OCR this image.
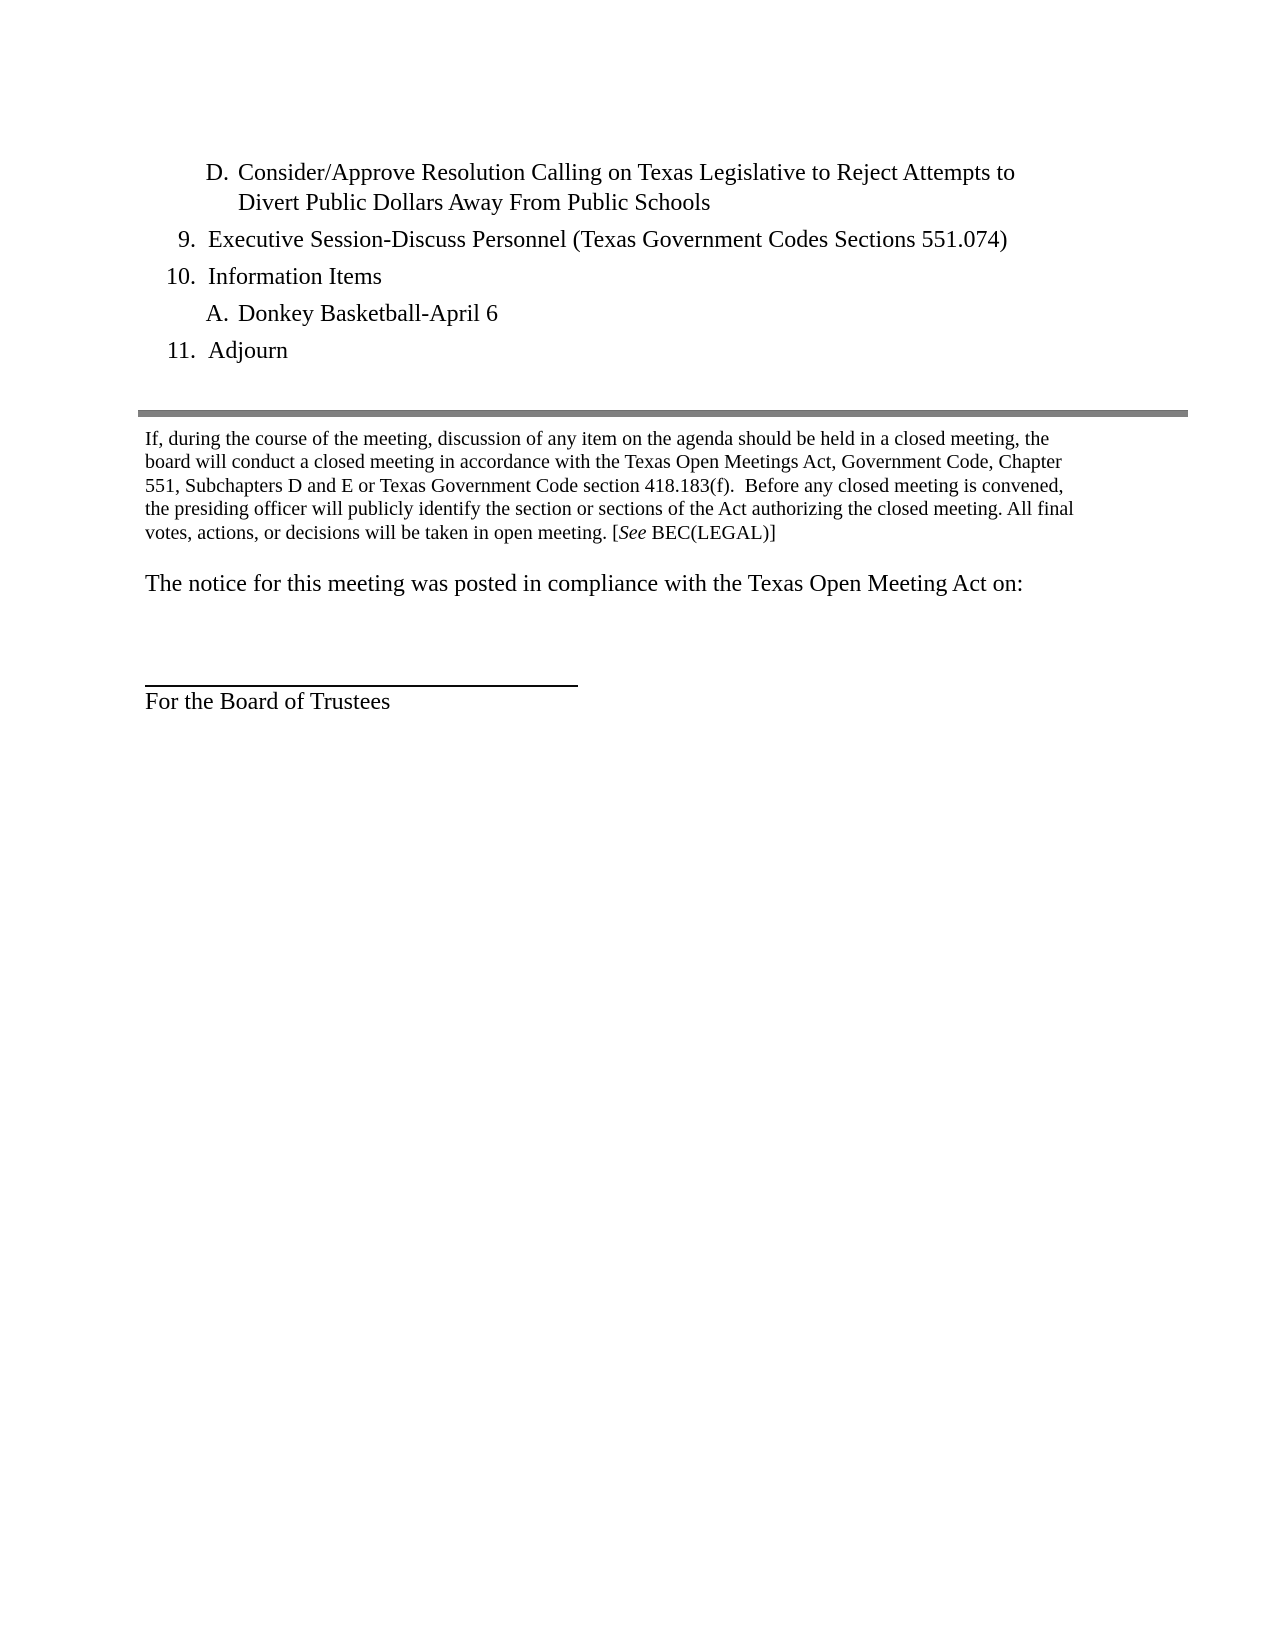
D. Consider/Approve Resolution Calling on Texas Legislative to Reject Attempts to
Divert Public Dollars Away From Public Schools
9. Executive Session-Discuss Personnel (Texas Government Codes Sections 551.074)
10. Information Items
A. Donkey Basketball-April 6
11. Adjourn
If, during the course of the meeting, discussion of any item on the agenda should be held in a closed meeting, the
board will conduct a closed meeting in accordance with the Texas Open Meetings Act, Government Code, Chapter
551, Subchapters D and E or Texas Government Code section 418.183(f).  Before any closed meeting is convened,
the presiding officer will publicly identify the section or sections of the Act authorizing the closed meeting. All final
votes, actions, or decisions will be taken in open meeting. [See BEC(LEGAL)]
The notice for this meeting was posted in compliance with the Texas Open Meeting Act on:
For the Board of Trustees
